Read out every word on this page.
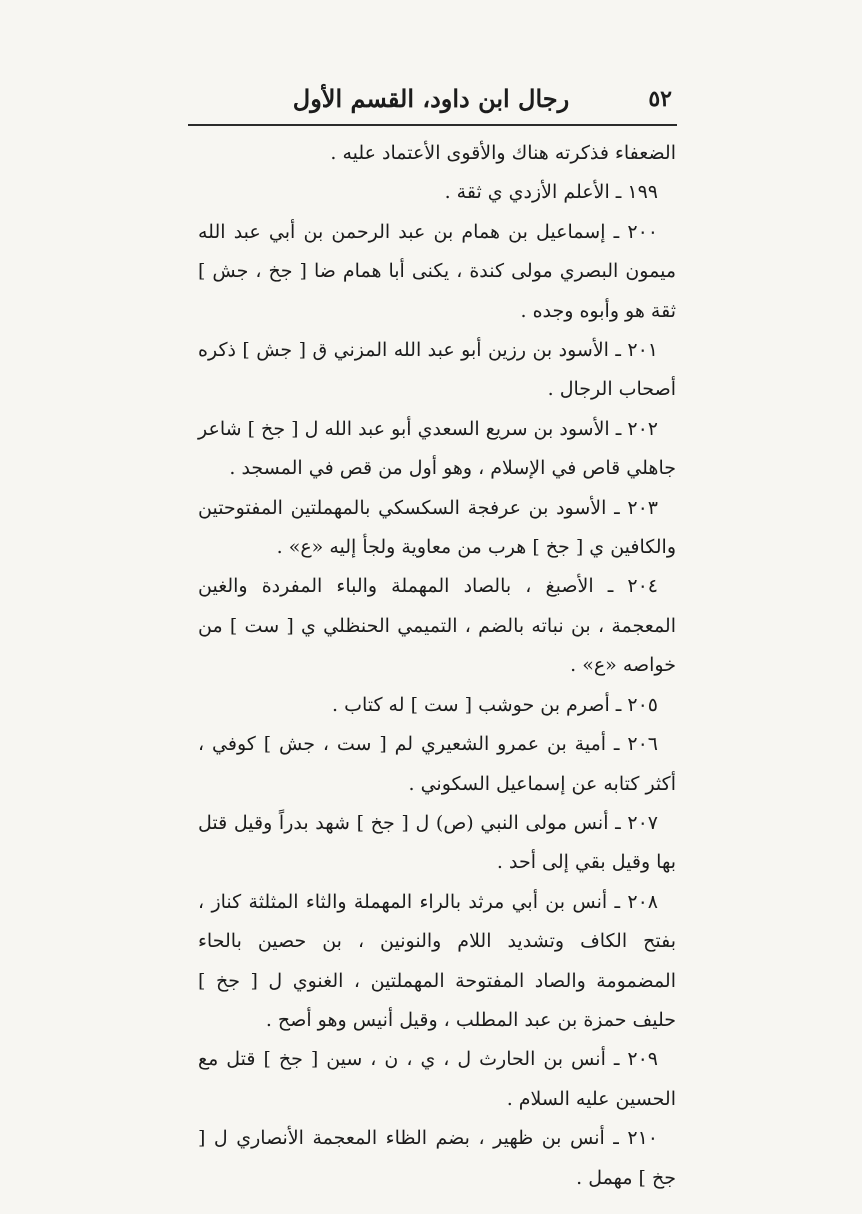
٥٢
رجال ابن داود، القسم الأول

الضعفاء فذكرته هناك والأقوى الأعتماد عليه .

١٩٩ ـ الأعلم الأزدي ي ثقة .

٢٠٠ ـ إسماعيل بن همام بن عبد الرحمن بن أبي عبد الله ميمون البصري مولى كندة ، يكنى أبا همام ضا [ جخ ، جش ] ثقة هو وأبوه وجده .

٢٠١ ـ الأسود بن رزين أبو عبد الله المزني ق [ جش ] ذكره أصحاب الرجال .

٢٠٢ ـ الأسود بن سريع السعدي أبو عبد الله ل [ جخ ] شاعر جاهلي قاص في الإسلام ، وهو أول من قص في المسجد .

٢٠٣ ـ الأسود بن عرفجة السكسكي بالمهملتين المفتوحتين والكافين ي [ جخ ] هرب من معاوية ولجأ إليه «ع» .

٢٠٤ ـ الأصبغ ، بالصاد المهملة والباء المفردة والغين المعجمة ، بن نباته بالضم ، التميمي الحنظلي ي [ ست ] من خواصه «ع» .

٢٠٥ ـ أصرم بن حوشب [ ست ] له كتاب .

٢٠٦ ـ أمية بن عمرو الشعيري لم [ ست ، جش ] كوفي ، أكثر كتابه عن إسماعيل السكوني .

٢٠٧ ـ أنس مولى النبي (ص) ل [ جخ ] شهد بدراً وقيل قتل بها وقيل بقي إلى أحد .

٢٠٨ ـ أنس بن أبي مرثد بالراء المهملة والثاء المثلثة كناز ، بفتح الكاف وتشديد اللام والنونين ، بن حصين بالحاء المضمومة والصاد المفتوحة المهملتين ، الغنوي ل [ جخ ] حليف حمزة بن عبد المطلب ، وقيل أنيس وهو أصح .

٢٠٩ ـ أنس بن الحارث ل ، ي ، ن ، سين [ جخ ] قتل مع الحسين عليه السلام .

٢١٠ ـ أنس بن ظهير ، بضم الظاء المعجمة الأنصاري ل [ جخ ] مهمل .
